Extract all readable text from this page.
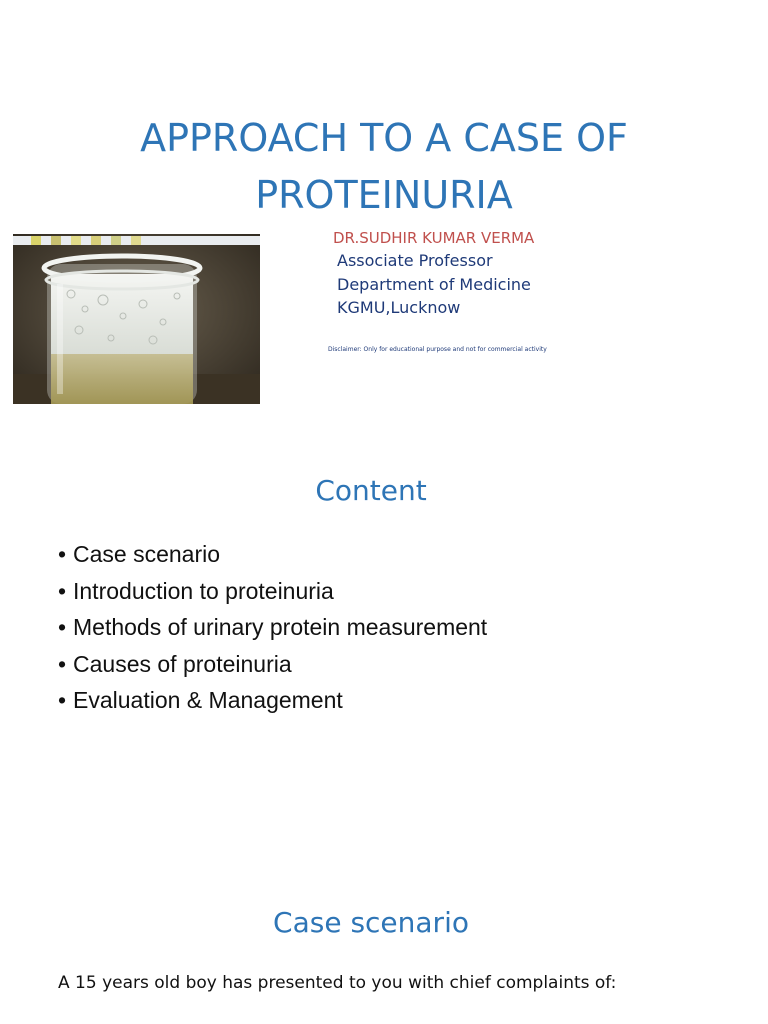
APPROACH TO A CASE OF
PROTEINURIA
DR.SUDHIR KUMAR VERMA
Associate Professor
Department of Medicine
KGMU,Lucknow
Disclaimer: Only for educational purpose and not for commercial activity
Content
• Case scenario
• Introduction to proteinuria
• Methods of urinary protein measurement
• Causes of proteinuria
• Evaluation & Management
Case scenario
A 15 years old boy has presented to you with chief complaints of:
